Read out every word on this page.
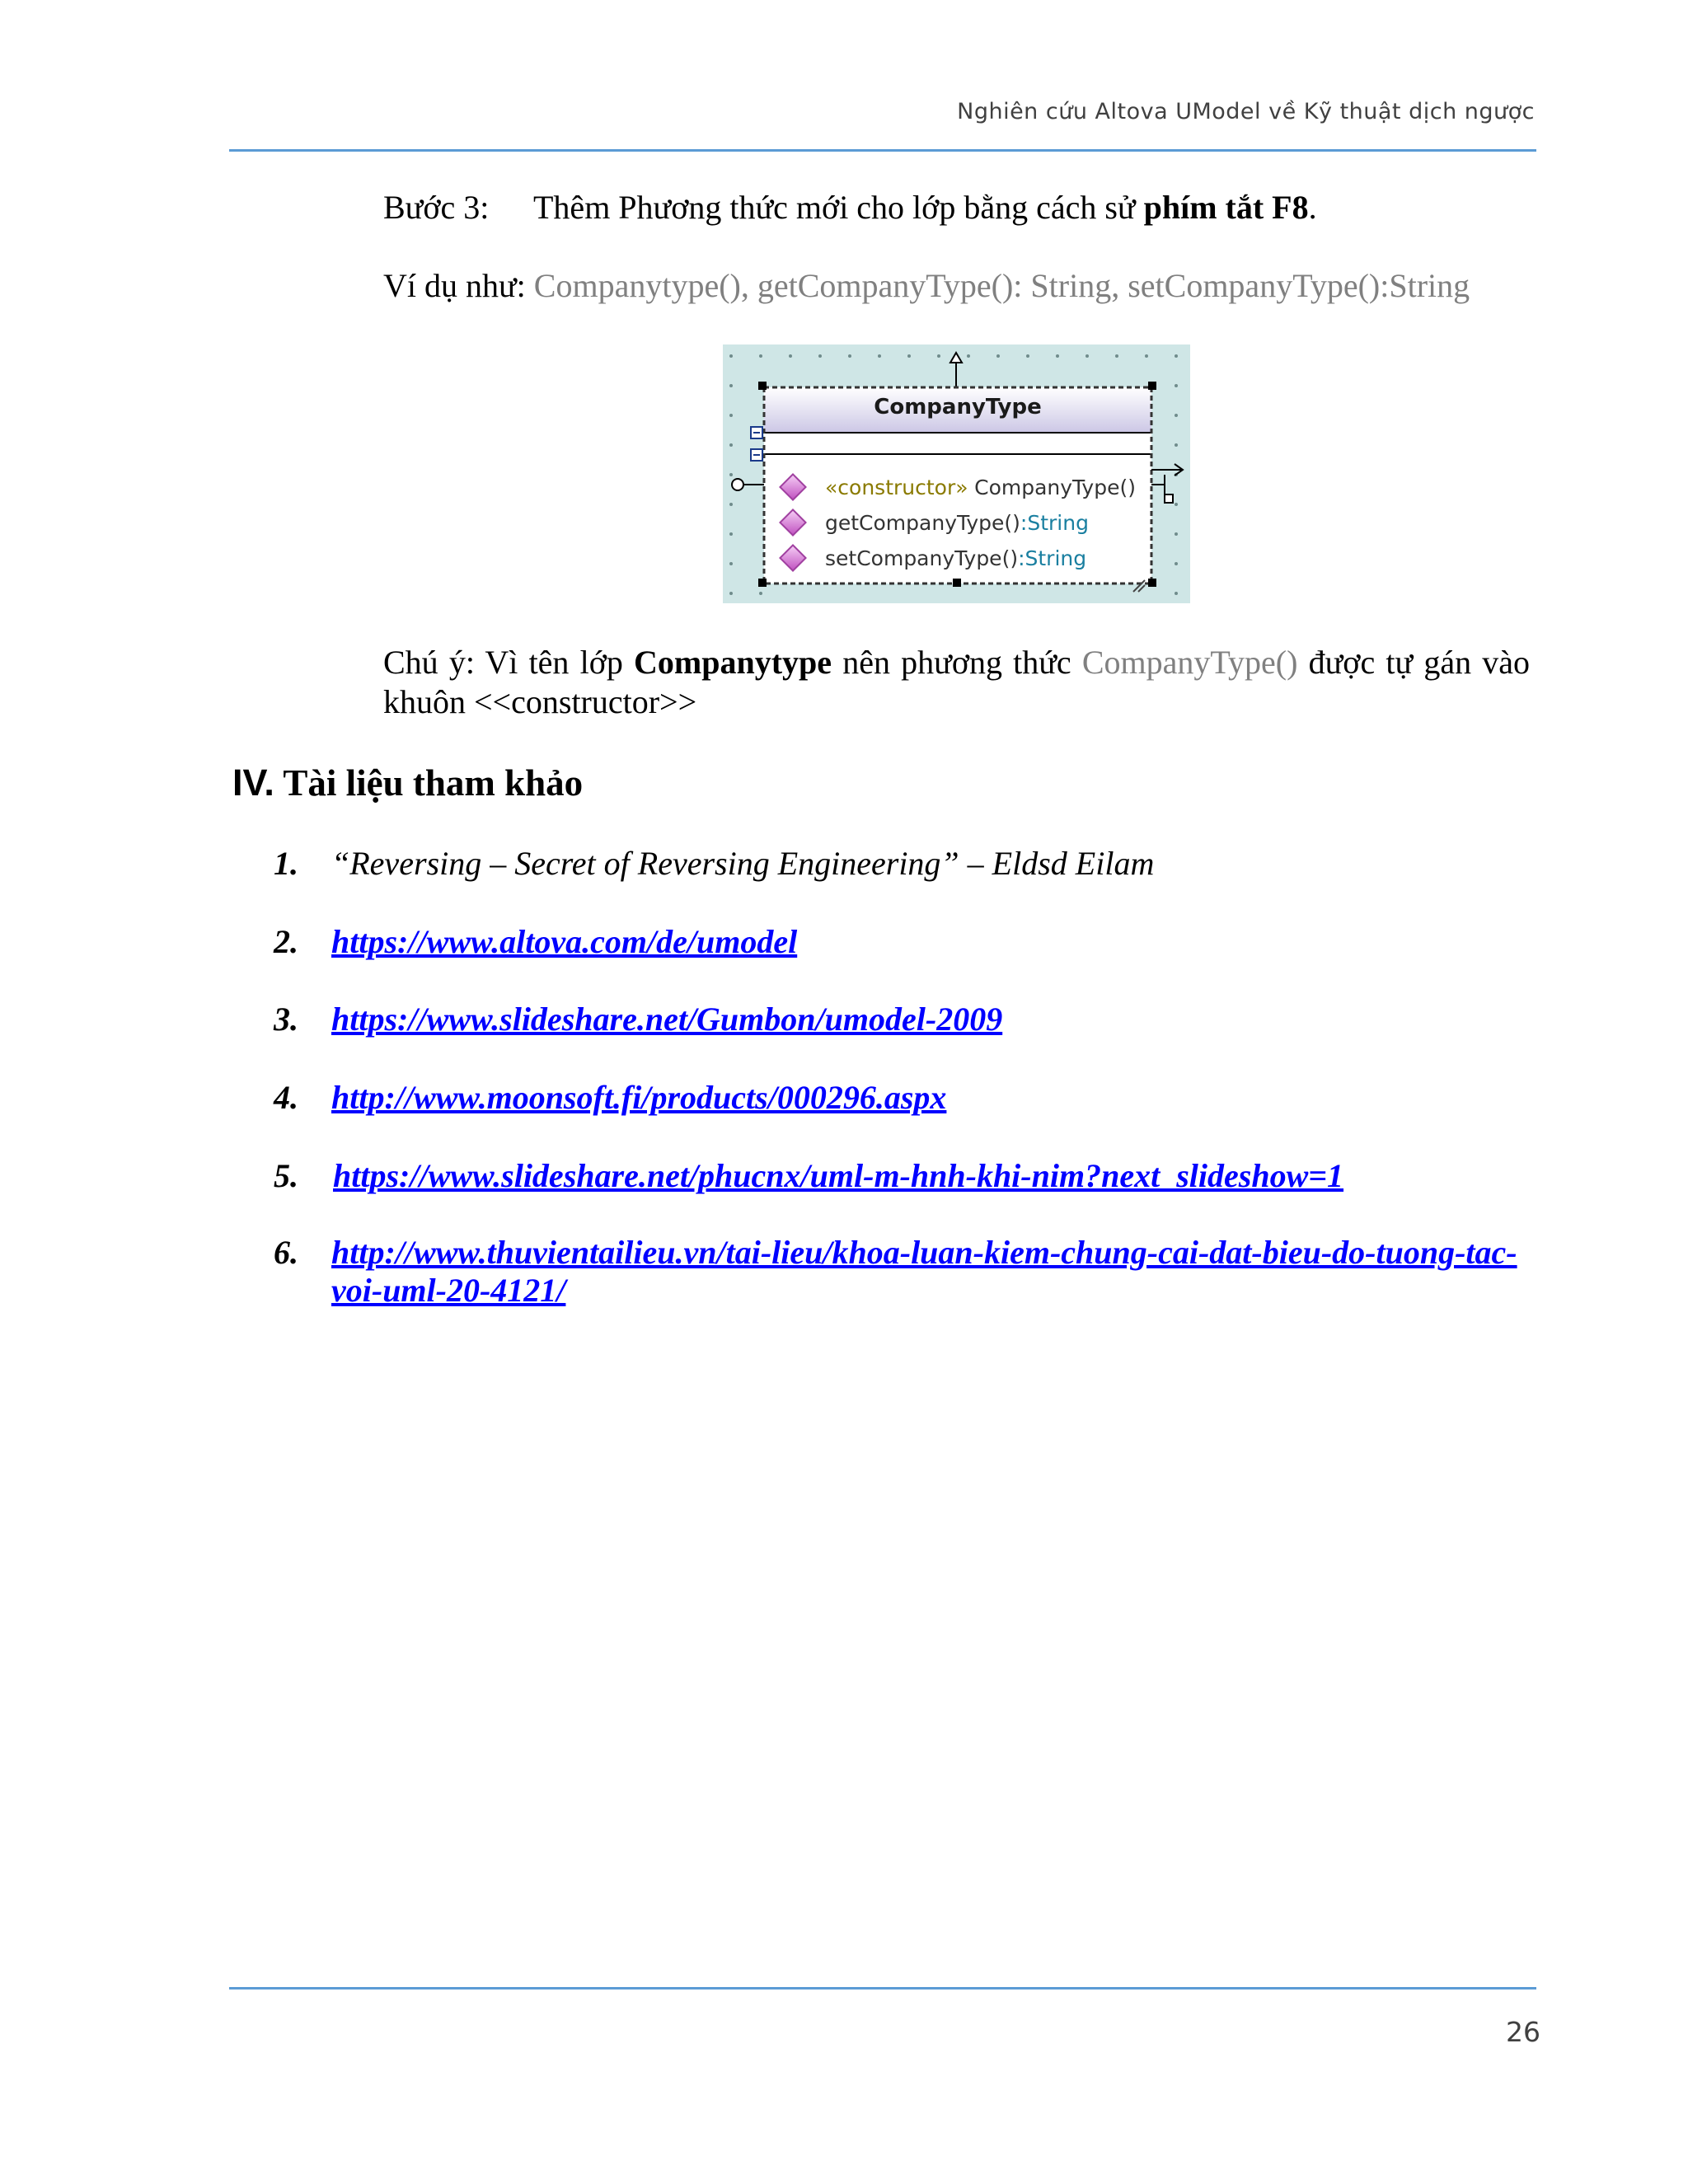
Nghiên cứu Altova UModel về Kỹ thuật dịch ngược
Bước 3: Thêm Phương thức mới cho lớp bằng cách sử phím tắt F8.
Ví dụ như: Companytype(), getCompanyType(): String, setCompanyType():String
CompanyType
«constructor» CompanyType()
getCompanyType():String
setCompanyType():String

Chú ý: Vì tên lớp Companytype nên phương thức CompanyType() được tự gán vào

khuôn <<constructor>>

IV. Tài liệu tham khảo
1. “Reversing – Secret of Reversing Engineering” – Eldsd Eilam
2. https://www.altova.com/de/umodel
3. https://www.slideshare.net/Gumbon/umodel-2009
4. http://www.moonsoft.fi/products/000296.aspx
5. https://www.slideshare.net/phucnx/uml-m-hnh-khi-nim?next_slideshow=1
6. http://www.thuvientailieu.vn/tai-lieu/khoa-luan-kiem-chung-cai-dat-bieu-do-tuong-tac-
voi-uml-20-4121/
26
